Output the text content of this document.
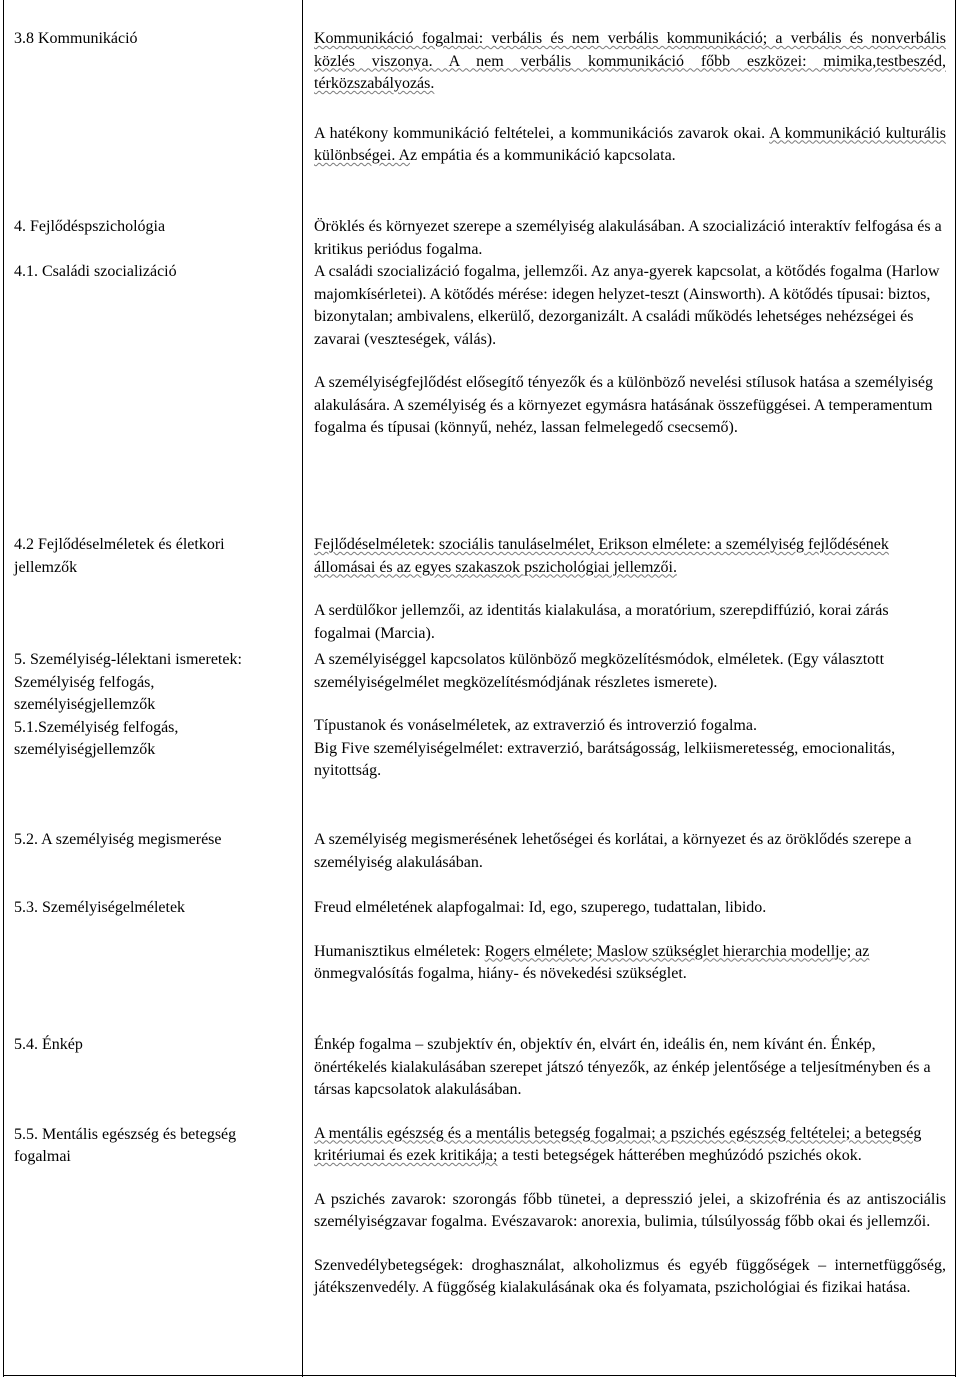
3.8 Kommunikáció	Kommunikáció fogalmai: verbális és nem verbális kommunikáció; a verbális és nonverbális közlés viszonya. A nem verbális kommunikáció főbb eszközei: mimika,testbeszéd, térközszabályozás.

A hatékony kommunikáció feltételei, a kommunikációs zavarok okai. A kommunikáció kulturális különbségei. Az empátia és a kommunikáció kapcsolata.

4. Fejlődéspszichológia

4.1. Családi szocializáció

Öröklés és környezet szerepe a személyiség alakulásában. A szocializáció interaktív felfogása és a kritikus periódus fogalma.

A családi szocializáció fogalma, jellemzői. Az anya-gyerek kapcsolat, a kötődés fogalma (Harlow majomkísérletei). A kötődés mérése: idegen helyzet-teszt (Ainsworth). A kötődés típusai: biztos, bizonytalan; ambivalens, elkerülő, dezorganizált. A családi működés lehetséges nehézségei és zavarai (veszteségek, válás).

A személyiségfejlődést elősegítő tényezők és a különböző nevelési stílusok hatása a személyiség alakulására. A személyiség és a környezet egymásra hatásának összefüggései. A temperamentum fogalma és típusai (könnyű, nehéz, lassan felmelegedő csecsemő).

4.2 Fejlődéselméletek és életkori jellemzők

Fejlődéselméletek: szociális tanuláselmélet, Erikson elmélete: a személyiség fejlődésének állomásai és az egyes szakaszok pszichológiai jellemzői.

A serdülőkor jellemzői, az identitás kialakulása, a moratórium, szerepdiffúzió, korai zárás fogalmai (Marcia).

5. Személyiség-lélektani ismeretek: Személyiség felfogás, személyiségjellemzők

5.1.Személyiség felfogás, személyiségjellemzők

A személyiséggel kapcsolatos különböző megközelítésmódok, elméletek. (Egy választott személyiségelmélet megközelítésmódjának részletes ismerete).

Típustanok és vonáselméletek, az extraverzió és introverzió fogalma.

Big Five személyiségelmélet: extraverzió, barátságosság, lelkiismeretesség, emocionalitás, nyitottság.

5.2. A személyiség megismerése

5.3. Személyiségelméletek

A személyiség megismerésének lehetőségei és korlátai, a környezet és az öröklődés szerepe a személyiség alakulásában.

Freud elméletének alapfogalmai: Id, ego, szuperego, tudattalan, libido.

Humanisztikus elméletek: Rogers elmélete; Maslow szükséglet hierarchia modellje; az önmegvalósítás fogalma, hiány- és növekedési szükséglet.

5.4. Énkép

5.5. Mentális egészség és betegség fogalmai

Énkép fogalma – szubjektív én, objektív én, elvárt én, ideális én, nem kívánt én. Énkép, önértékelés kialakulásában szerepet játszó tényezők, az énkép jelentősége a teljesítményben és a társas kapcsolatok alakulásában.

A mentális egészség és a mentális betegség fogalmai; a pszichés egészség feltételei; a betegség kritériumai és ezek kritikája; a testi betegségek hátterében meghúzódó pszichés okok.

A pszichés zavarok: szorongás főbb tünetei, a depresszió jelei, a skizofrénia és az antiszociális személyiségzavar fogalma. Evészavarok: anorexia, bulimia, túlsúlyosság főbb okai és jellemzői.

Szenvedélybetegségek: droghasználat, alkoholizmus és egyéb függőségek – internetfüggőség, játékszenvedély. A függőség kialakulásának oka és folyamata, pszichológiai és fizikai hatása.
